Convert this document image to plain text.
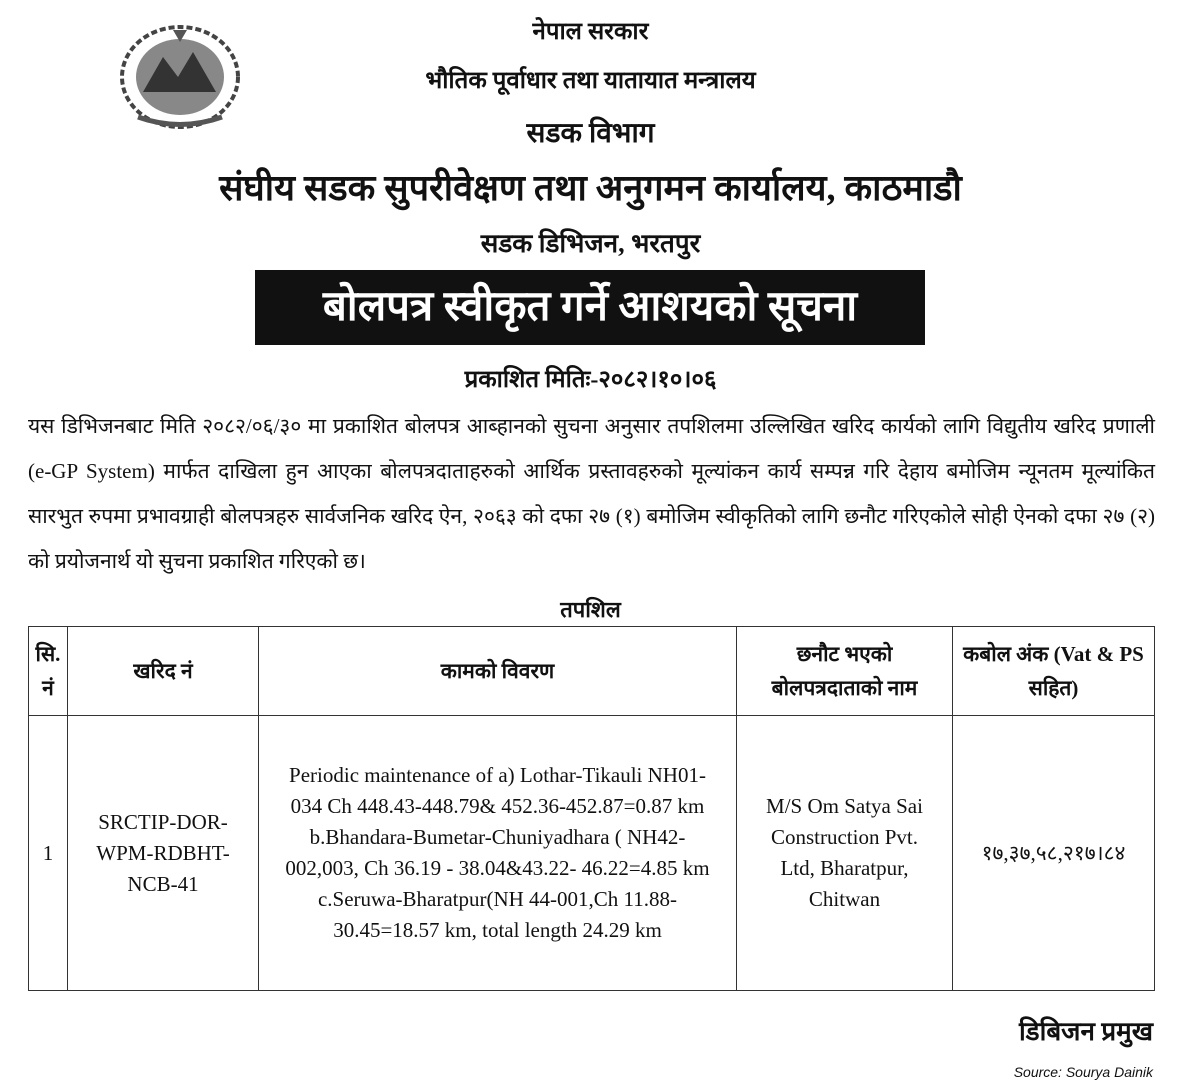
नेपाल सरकार
भौतिक पूर्वाधार तथा यातायात मन्त्रालय
सडक विभाग
संघीय सडक सुपरीवेक्षण तथा अनुगमन कार्यालय, काठमाडौ
सडक डिभिजन, भरतपुर
बोलपत्र स्वीकृत गर्ने आशयको सूचना
प्रकाशित मितिः-२०८२।१०।०६
यस डिभिजनबाट मिति २०८२/०६/३० मा प्रकाशित बोलपत्र आब्हानको सुचना अनुसार तपशिलमा उल्लिखित खरिद कार्यको लागि विद्युतीय खरिद प्रणाली (e-GP System) मार्फत दाखिला हुन आएका बोलपत्रदाताहरुको आर्थिक प्रस्तावहरुको मूल्यांकन कार्य सम्पन्न गरि देहाय बमोजिम न्यूनतम मूल्यांकित सारभुत रुपमा प्रभावग्राही बोलपत्रहरु सार्वजनिक खरिद ऐन, २०६३ को दफा २७ (१) बमोजिम स्वीकृतिको लागि छनौट गरिएकोले सोही ऐनको दफा २७ (२) को प्रयोजनार्थ यो सुचना प्रकाशित गरिएको छ।
तपशिल
सि. नं	खरिद नं	कामको विवरण	छनौट भएको बोलपत्रदाताको नाम	कबोल अंक (Vat & PS सहित)
1	SRCTIP-DOR-WPM-RDBHT-NCB-41	Periodic maintenance of a) Lothar-Tikauli NH01-034 Ch 448.43-448.79& 452.36-452.87=0.87 km b.Bhandara-Bumetar-Chuniyadhara ( NH42-002,003, Ch 36.19 - 38.04&43.22- 46.22=4.85 km c.Seruwa-Bharatpur(NH 44-001,Ch 11.88-30.45=18.57 km, total length 24.29 km	M/S Om Satya Sai Construction Pvt. Ltd, Bharatpur, Chitwan	१७,३७,५८,२१७।८४
डिबिजन प्रमुख
Source: Sourya Dainik
